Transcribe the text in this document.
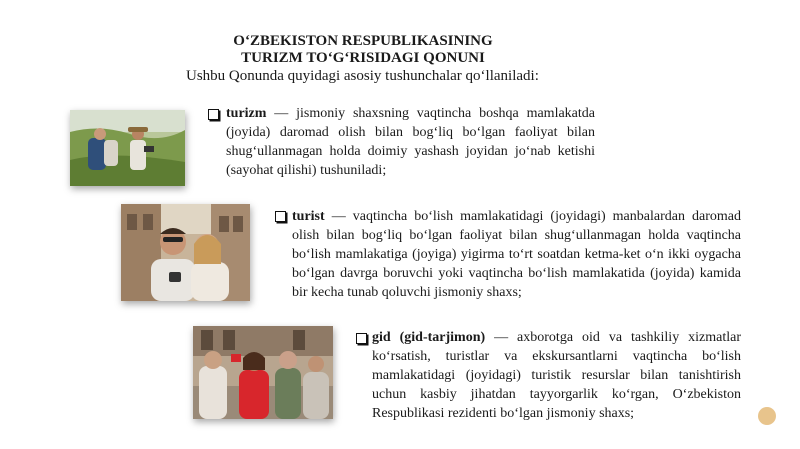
O‘ZBEKISTON RESPUBLIKASINING
TURIZM TO‘G‘RISIDAGI QONUNI
Ushbu Qonunda quyidagi asosiy tushunchalar qo‘llaniladi:
turizm — jismoniy shaxsning vaqtincha boshqa mamlakatda (joyida) daromad olish bilan bog‘liq bo‘lgan faoliyat bilan shug‘ullanmagan holda doimiy yashash joyidan jo‘nab ketishi (sayohat qilishi) tushuniladi;
turist — vaqtincha bo‘lish mamlakatidagi (joyidagi) manbalardan daromad olish bilan bog‘liq bo‘lgan faoliyat bilan shug‘ullanmagan holda vaqtincha bo‘lish mamlakatiga (joyiga) yigirma to‘rt soatdan ketma-ket o‘n ikki oygacha bo‘lgan davrga boruvchi yoki vaqtincha bo‘lish mamlakatida (joyida) kamida bir kecha tunab qoluvchi jismoniy shaxs;
gid (gid-tarjimon) — axborotga oid va tashkiliy xizmatlar ko‘rsatish, turistlar va ekskursantlarni vaqtincha bo‘lish mamlakatidagi (joyidagi) turistik resurslar bilan tanishtirish uchun kasbiy jihatdan tayyorgarlik ko‘rgan, O‘zbekiston Respublikasi rezidenti bo‘lgan jismoniy shaxs;
